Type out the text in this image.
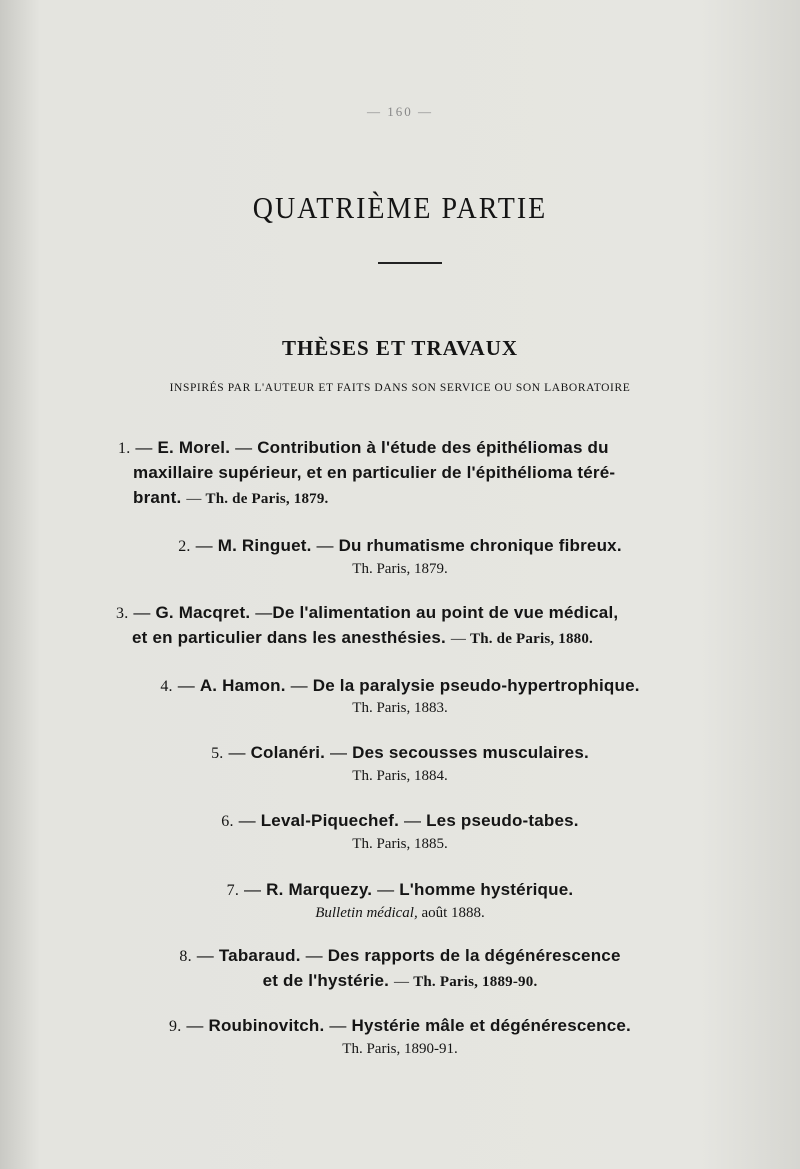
— 160 —
QUATRIÈME PARTIE
THÈSES ET TRAVAUX
INSPIRÉS PAR L'AUTEUR ET FAITS DANS SON SERVICE OU SON LABORATOIRE
1. — E. Morel. — Contribution à l'étude des épithéliomas du
maxillaire supérieur, et en particulier de l'épithélioma téré-
brant. — Th. de Paris, 1879.
2. — M. Ringuet. — Du rhumatisme chronique fibreux.
Th. Paris, 1879.
3. — G. Macqret. —De l'alimentation au point de vue médical,
et en particulier dans les anesthésies. — Th. de Paris, 1880.
4. — A. Hamon. — De la paralysie pseudo-hypertrophique.
Th. Paris, 1883.
5. — Colanéri. — Des secousses musculaires.
Th. Paris, 1884.
6. — Leval-Piquechef. — Les pseudo-tabes.
Th. Paris, 1885.
7. — R. Marquezy. — L'homme hystérique.
Bulletin médical, août 1888.
8. — Tabaraud. — Des rapports de la dégénérescence
et de l'hystérie. — Th. Paris, 1889-90.
9. — Roubinovitch. — Hystérie mâle et dégénérescence.
Th. Paris, 1890-91.
